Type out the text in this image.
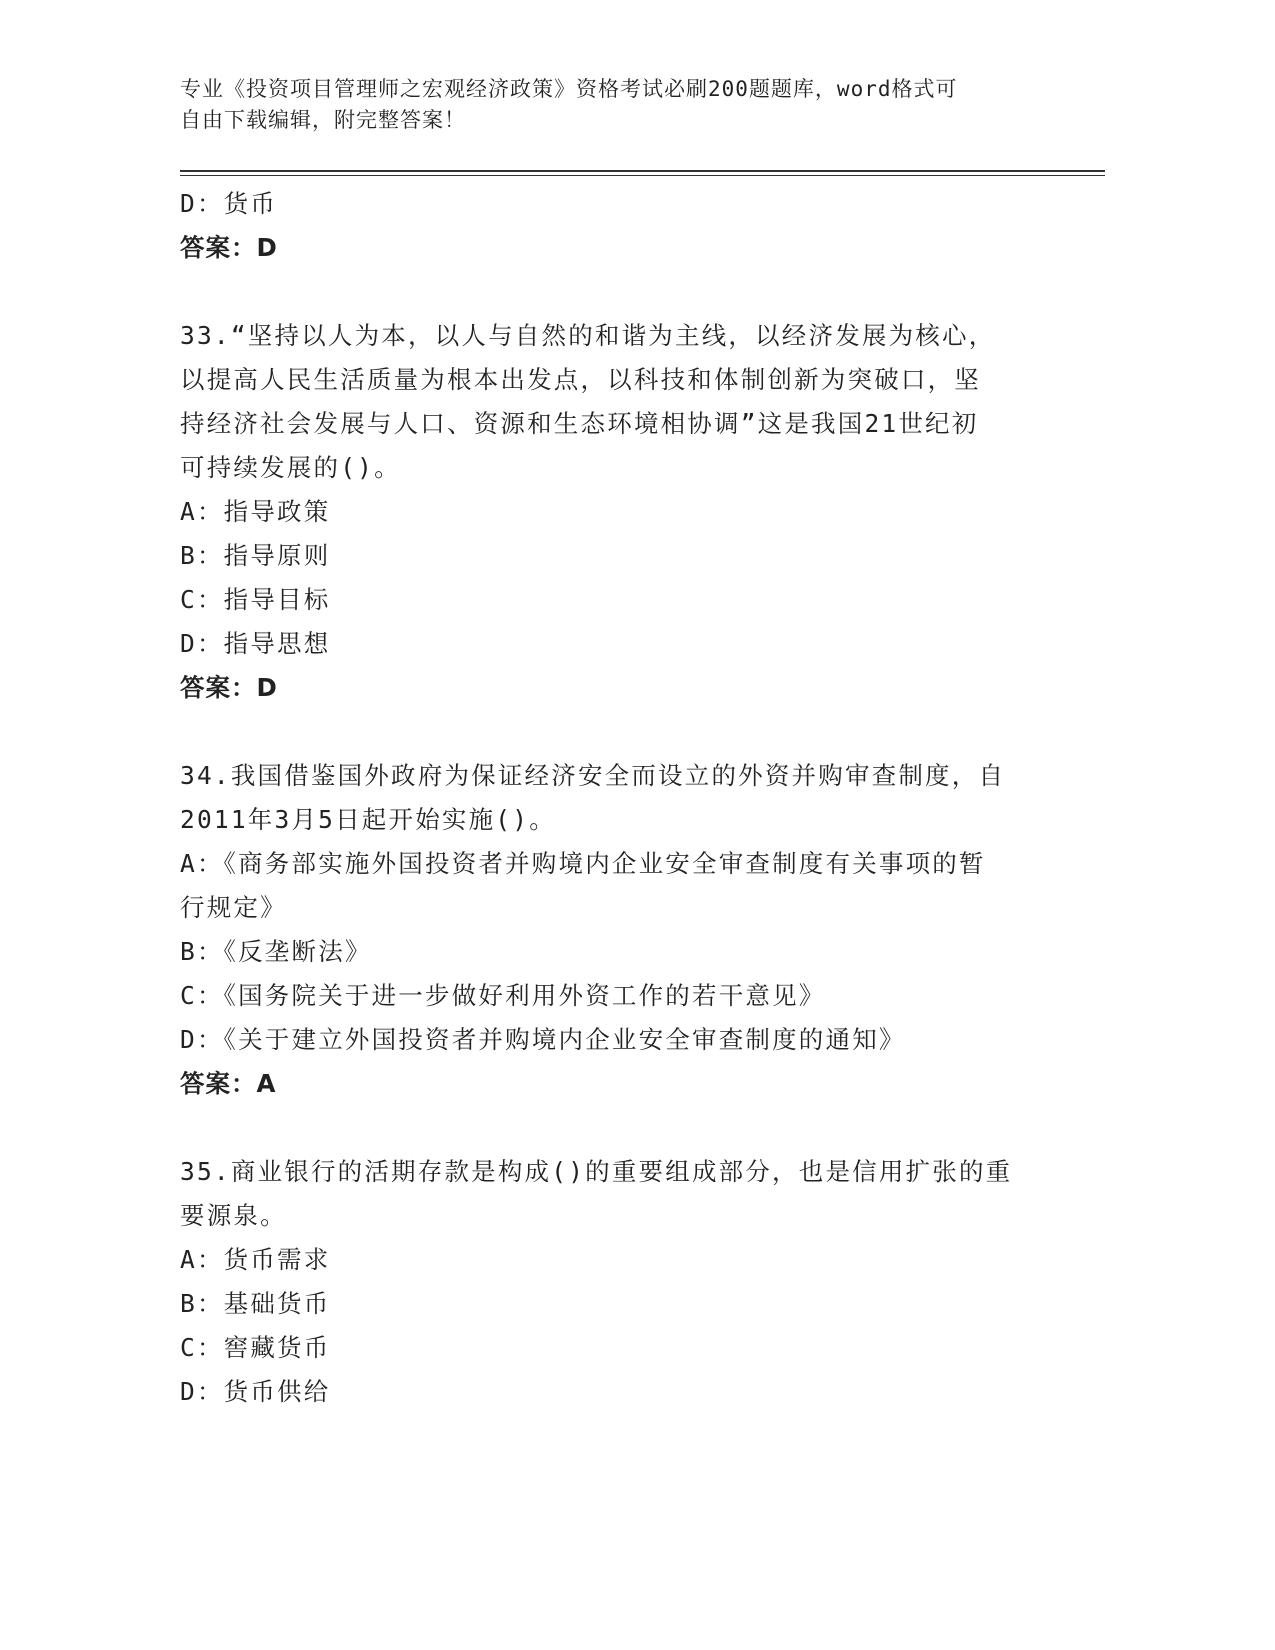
专业《投资项目管理师之宏观经济政策》资格考试必刷200题题库，word格式可
自由下载编辑，附完整答案！
D：货币
答案：D
33.“坚持以人为本，以人与自然的和谐为主线，以经济发展为核心，
以提高人民生活质量为根本出发点，以科技和体制创新为突破口，坚
持经济社会发展与人口、资源和生态环境相协调”这是我国21世纪初
可持续发展的()。
A：指导政策
B：指导原则
C：指导目标
D：指导思想
答案：D
34.我国借鉴国外政府为保证经济安全而设立的外资并购审查制度，自
2011年3月5日起开始实施()。
A：《商务部实施外国投资者并购境内企业安全审查制度有关事项的暂
行规定》
B：《反垄断法》
C：《国务院关于进一步做好利用外资工作的若干意见》
D：《关于建立外国投资者并购境内企业安全审查制度的通知》
答案：A
35.商业银行的活期存款是构成()的重要组成部分，也是信用扩张的重
要源泉。
A：货币需求
B：基础货币
C：窖藏货币
D：货币供给
